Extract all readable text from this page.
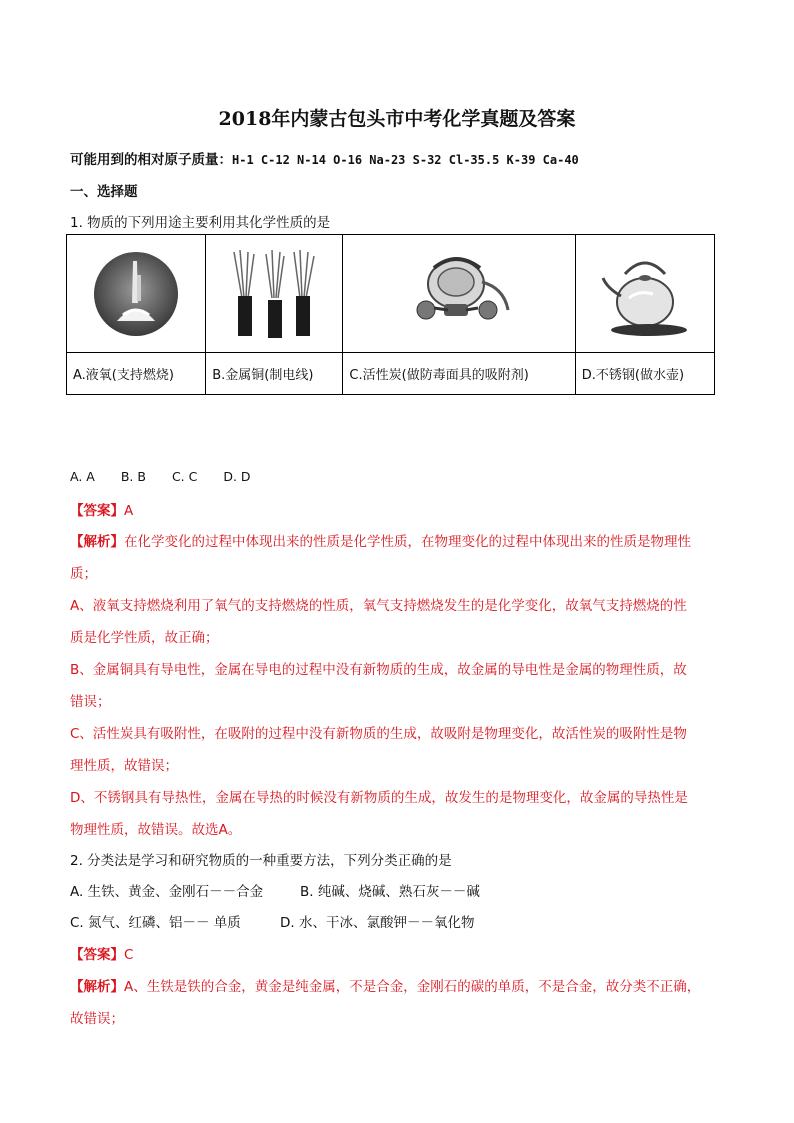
2018年内蒙古包头市中考化学真题及答案
可能用到的相对原子质量：H-1 C-12 N-14 O-16 Na-23 S-32 Cl-35.5 K-39 Ca-40
一、选择题
1. 物质的下列用途主要利用其化学性质的是

A.液氧(支持燃烧)	B.金属铜(制电线)	C.活性炭(做防毒面具的吸附剂)	D.不锈钢(做水壶)
A. A B. B C. C D. D
【答案】A
【解析】在化学变化的过程中体现出来的性质是化学性质，在物理变化的过程中体现出来的性质是物理性
质；
A、液氧支持燃烧利用了氧气的支持燃烧的性质，氧气支持燃烧发生的是化学变化，故氧气支持燃烧的性
质是化学性质，故正确；
B、金属铜具有导电性，金属在导电的过程中没有新物质的生成，故金属的导电性是金属的物理性质，故
错误；
C、活性炭具有吸附性，在吸附的过程中没有新物质的生成，故吸附是物理变化，故活性炭的吸附性是物
理性质，故错误；
D、不锈钢具有导热性，金属在导热的时候没有新物质的生成，故发生的是物理变化，故金属的导热性是
物理性质，故错误。故选A。
2. 分类法是学习和研究物质的一种重要方法，下列分类正确的是
A. 生铁、黄金、金刚石－－合金	B. 纯碱、烧碱、熟石灰－－碱
C. 氮气、红磷、铝－－ 单质	D. 水、干冰、氯酸钾－－氧化物
【答案】C
【解析】A、生铁是铁的合金，黄金是纯金属，不是合金，金刚石的碳的单质，不是合金，故分类不正确，
故错误；
